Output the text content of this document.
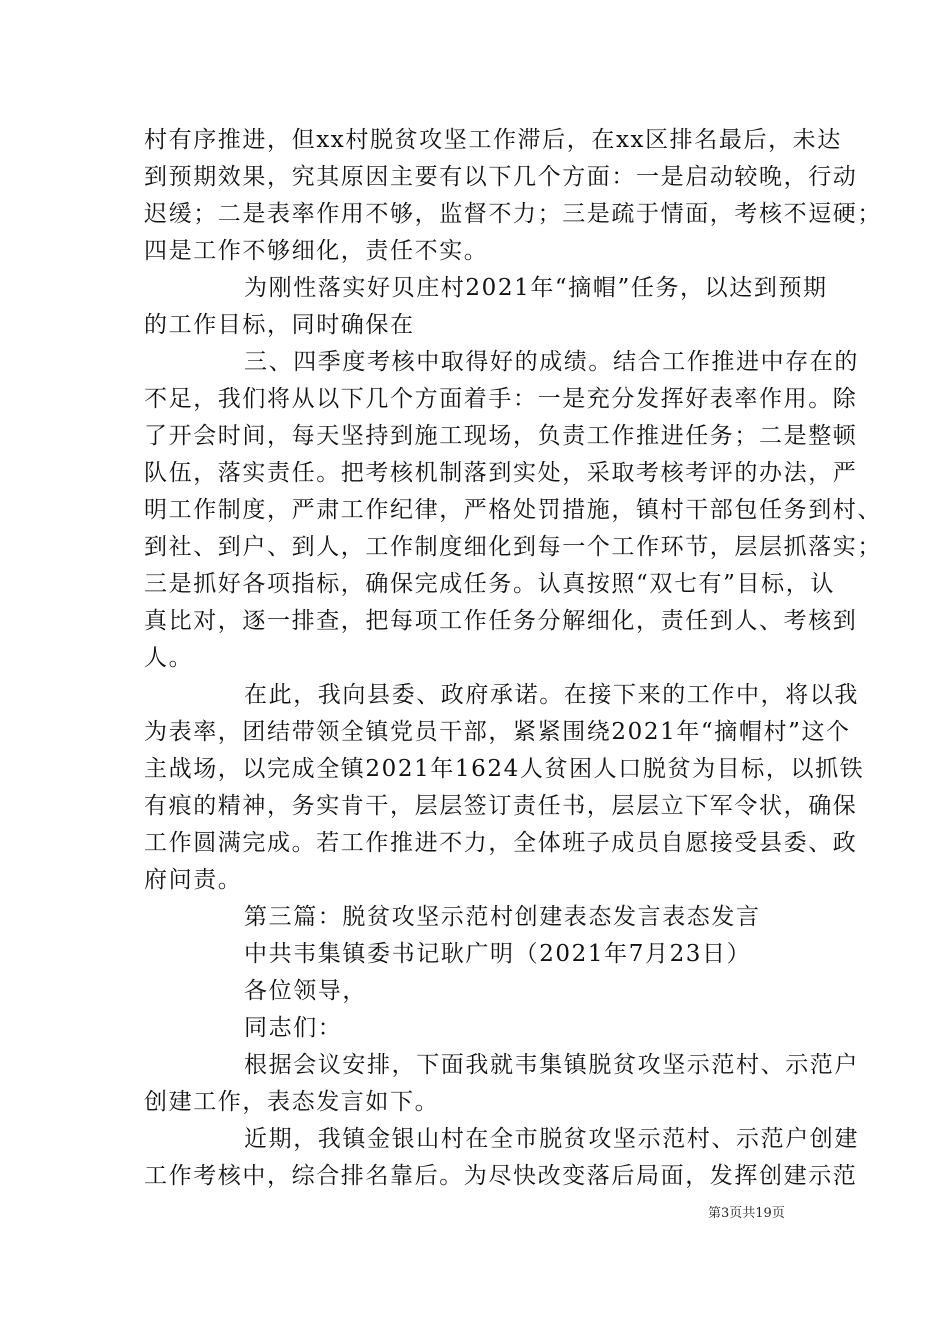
村有序推进，但xx村脱贫攻坚工作滞后，在xx区排名最后，未达
到预期效果，究其原因主要有以下几个方面：一是启动较晚，行动
迟缓；二是表率作用不够，监督不力；三是疏于情面，考核不逗硬；
四是工作不够细化，责任不实。
为刚性落实好贝庄村2021年“摘帽”任务，以达到预期
的工作目标，同时确保在
三、四季度考核中取得好的成绩。结合工作推进中存在的
不足，我们将从以下几个方面着手：一是充分发挥好表率作用。除
了开会时间，每天坚持到施工现场，负责工作推进任务；二是整顿
队伍，落实责任。把考核机制落到实处，采取考核考评的办法，严
明工作制度，严肃工作纪律，严格处罚措施，镇村干部包任务到村、
到社、到户、到人，工作制度细化到每一个工作环节，层层抓落实；
三是抓好各项指标，确保完成任务。认真按照“双七有”目标，认
真比对，逐一排查，把每项工作任务分解细化，责任到人、考核到
人。
在此，我向县委、政府承诺。在接下来的工作中，将以我
为表率，团结带领全镇党员干部，紧紧围绕2021年“摘帽村”这个
主战场，以完成全镇2021年1624人贫困人口脱贫为目标，以抓铁
有痕的精神，务实肯干，层层签订责任书，层层立下军令状，确保
工作圆满完成。若工作推进不力，全体班子成员自愿接受县委、政
府问责。
第三篇：脱贫攻坚示范村创建表态发言表态发言
中共韦集镇委书记耿广明（2021年7月23日）
各位领导，
同志们：
根据会议安排，下面我就韦集镇脱贫攻坚示范村、示范户
创建工作，表态发言如下。
近期，我镇金银山村在全市脱贫攻坚示范村、示范户创建
工作考核中，综合排名靠后。为尽快改变落后局面，发挥创建示范
第3页共19页
